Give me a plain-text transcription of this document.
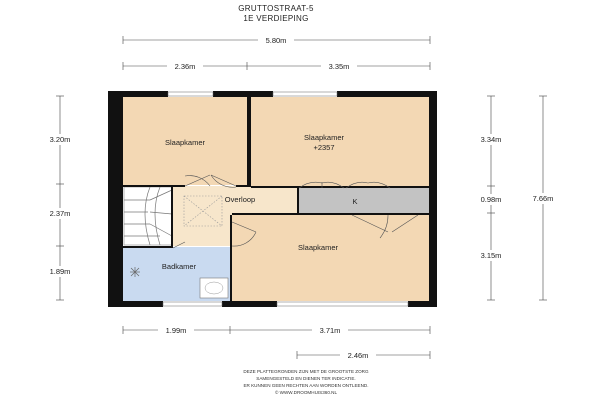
GRUTTOSTRAAT-5
1E VERDIEPING
5.80m
2.36m	3.35m
3.20m
2.37m
1.89m
3.34m
0.98m
3.15m
7.66m
1.99m	3.71m
2.46m
Slaapkamer
Slaapkamer
+2357
Overloop	K
Slaapkamer
Badkamer
DEZE PLATTEGRONDEN ZIJN MET DE GROOTSTE ZORG
SAMENGESTELD EN DIENEN TER INDICATIE.
ER KUNNEN GEEN RECHTEN AAN WORDEN ONTLEEND.
© WWW.DROOMHUIS360.NL
